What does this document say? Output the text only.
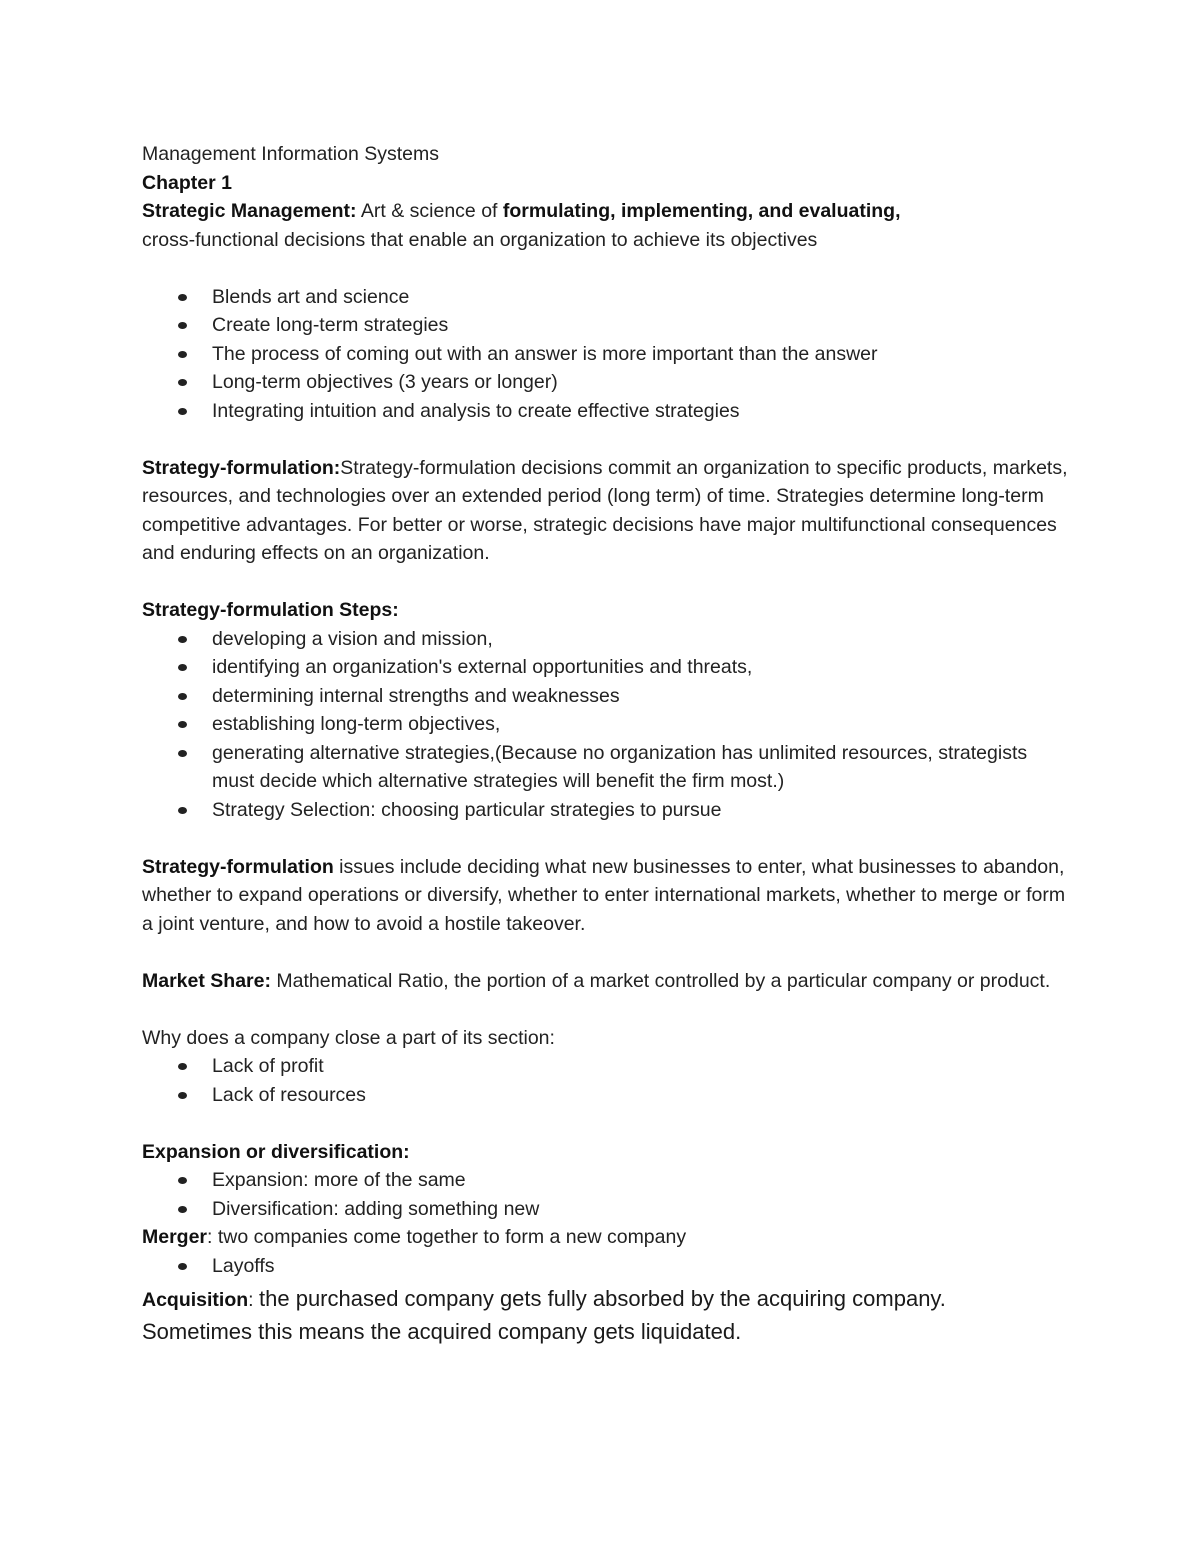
Management Information Systems

Chapter 1

Strategic Management: Art & science of formulating, implementing, and evaluating,
cross-functional decisions that enable an organization to achieve its objectives

Blends art and science
Create long-term strategies
The process of coming out with an answer is more important than the answer
Long-term objectives (3 years or longer)
Integrating intuition and analysis to create effective strategies

Strategy-formulation:Strategy-formulation decisions commit an organization to specific products, markets, resources, and technologies over an extended period (long term) of time. Strategies determine long-term competitive advantages. For better or worse, strategic decisions have major multifunctional consequences and enduring effects on an organization.

Strategy-formulation Steps:

developing a vision and mission,
identifying an organization's external opportunities and threats,
determining internal strengths and weaknesses
establishing long-term objectives,
generating alternative strategies,(Because no organization has unlimited resources, strategists must decide which alternative strategies will benefit the firm most.)
Strategy Selection: choosing particular strategies to pursue

Strategy-formulation issues include deciding what new businesses to enter, what businesses to abandon, whether to expand operations or diversify, whether to enter international markets, whether to merge or form a joint venture, and how to avoid a hostile takeover.

Market Share: Mathematical Ratio, the portion of a market controlled by a particular company or product.

Why does a company close a part of its section:

Lack of profit
Lack of resources

Expansion or diversification:

Expansion: more of the same
Diversification: adding something new

Merger: two companies come together to form a new company

Layoffs

Acquisition: the purchased company gets fully absorbed by the acquiring company.

Sometimes this means the acquired company gets liquidated.
